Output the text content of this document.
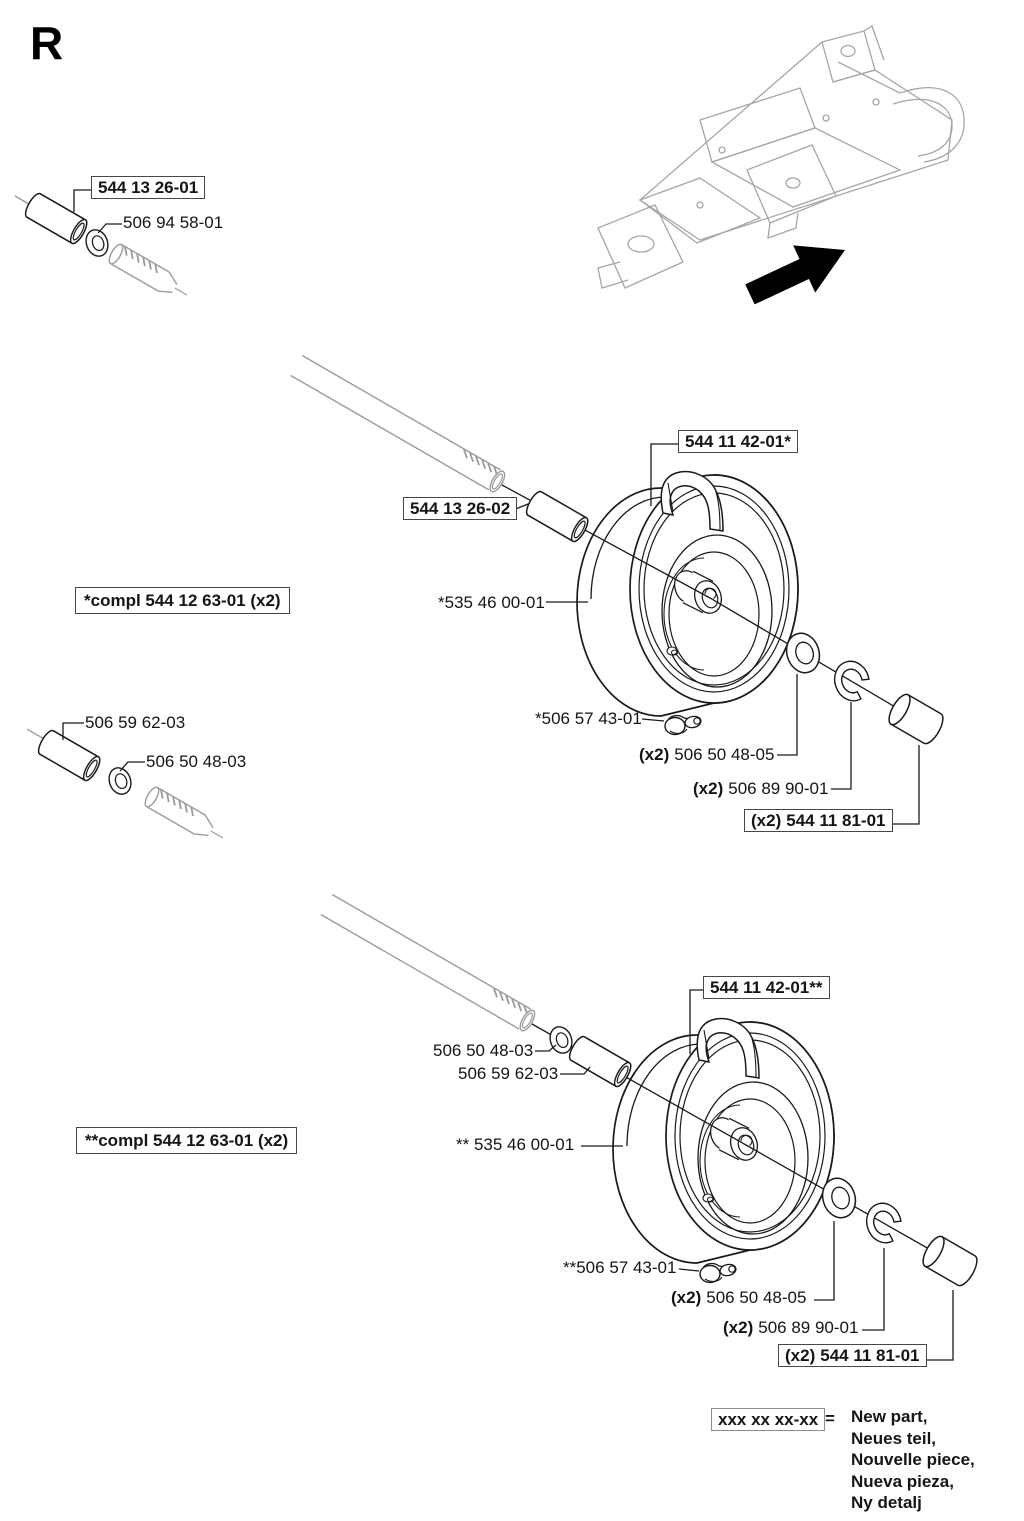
R
544 13 26-01
506 94 58-01
544 11 42-01*
544 13 26-02
*compl 544 12 63-01 (x2)	*535 46 00-01
506 59 62-03
506 50 48-03
*506 57 43-01
(x2) 506 50 48-05
(x2) 506 89 90-01
(x2) 544 11 81-01
544 11 42-01**
506 50 48-03
506 59 62-03
**compl 544 12 63-01 (x2)	** 535 46 00-01
**506 57 43-01
(x2) 506 50 48-05
(x2) 506 89 90-01
(x2) 544 11 81-01
xxx xx xx-xx = New part,
Neues teil,
Nouvelle piece,
Nueva pieza,
Ny detalj
